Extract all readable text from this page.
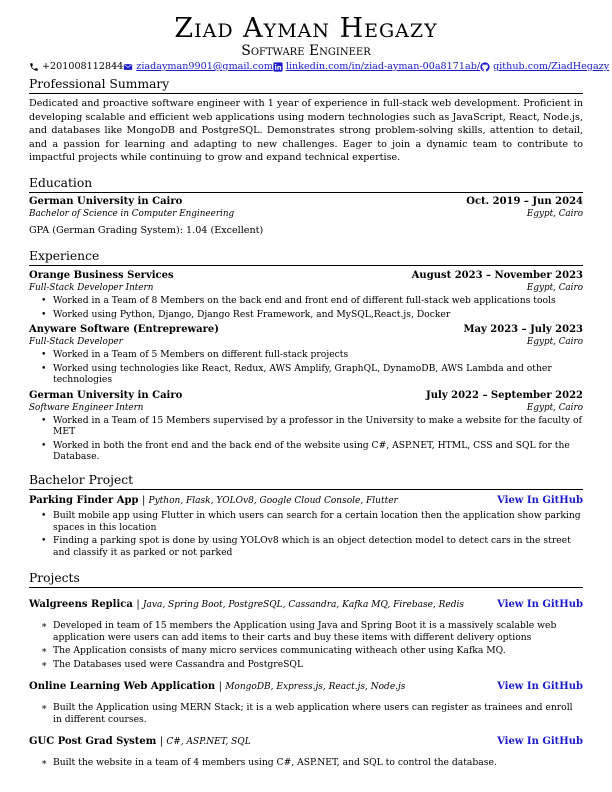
Ziad Ayman Hegazy
Software Engineer
+201008112844 ziadayman9901@gmail.com linkedin.com/in/ziad-ayman-00a8171ab/ github.com/ZiadHegazy
Professional Summary
Dedicated and proactive software engineer with 1 year of experience in full-stack web development. Proficient in developing scalable and efficient web applications using modern technologies such as JavaScript, React, Node.js, and databases like MongoDB and PostgreSQL. Demonstrates strong problem-solving skills, attention to detail, and a passion for learning and adapting to new challenges. Eager to join a dynamic team to contribute to impactful projects while continuing to grow and expand technical expertise.
Education
German University in Cairo	Oct. 2019 – Jun 2024
Bachelor of Science in Computer Engineering	Egypt, Cairo
GPA (German Grading System): 1.04 (Excellent)
Experience
Orange Business Services	August 2023 – November 2023
Full-Stack Developer Intern	Egypt, Cairo
• Worked in a Team of 8 Members on the back end and front end of different full-stack web applications tools
• Worked using Python, Django, Django Rest Framework, and MySQL,React.js, Docker
Anyware Software (Entrepreware)	May 2023 – July 2023
Full-Stack Developer	Egypt, Cairo
• Worked in a Team of 5 Members on different full-stack projects
• Worked using technologies like React, Redux, AWS Amplify, GraphQL, DynamoDB, AWS Lambda and other technologies
German University in Cairo	July 2022 – September 2022
Software Engineer Intern	Egypt, Cairo
• Worked in a Team of 15 Members supervised by a professor in the University to make a website for the faculty of MET
• Worked in both the front end and the back end of the website using C#, ASP.NET, HTML, CSS and SQL for the Database.
Bachelor Project
Parking Finder App | Python, Flask, YOLOv8, Google Cloud Console, Flutter	View In GitHub
• Built mobile app using Flutter in which users can search for a certain location then the application show parking spaces in this location
• Finding a parking spot is done by using YOLOv8 which is an object detection model to detect cars in the street and classify it as parked or not parked
Projects
Walgreens Replica | Java, Spring Boot, PostgreSQL, Cassandra, Kafka MQ, Firebase, Redis	View In GitHub
∗ Developed in team of 15 members the Application using Java and Spring Boot it is a massively scalable web application were users can add items to their carts and buy these items with different delivery options
∗ The Application consists of many micro services communicating witheach other using Kafka MQ.
∗ The Databases used were Cassandra and PostgreSQL
Online Learning Web Application | MongoDB, Express.js, React.js, Node.js	View In GitHub
∗ Built the Application using MERN Stack; it is a web application where users can register as trainees and enroll in different courses.
GUC Post Grad System | C#, ASP.NET, SQL	View In GitHub
∗ Built the website in a team of 4 members using C#, ASP.NET, and SQL to control the database.
